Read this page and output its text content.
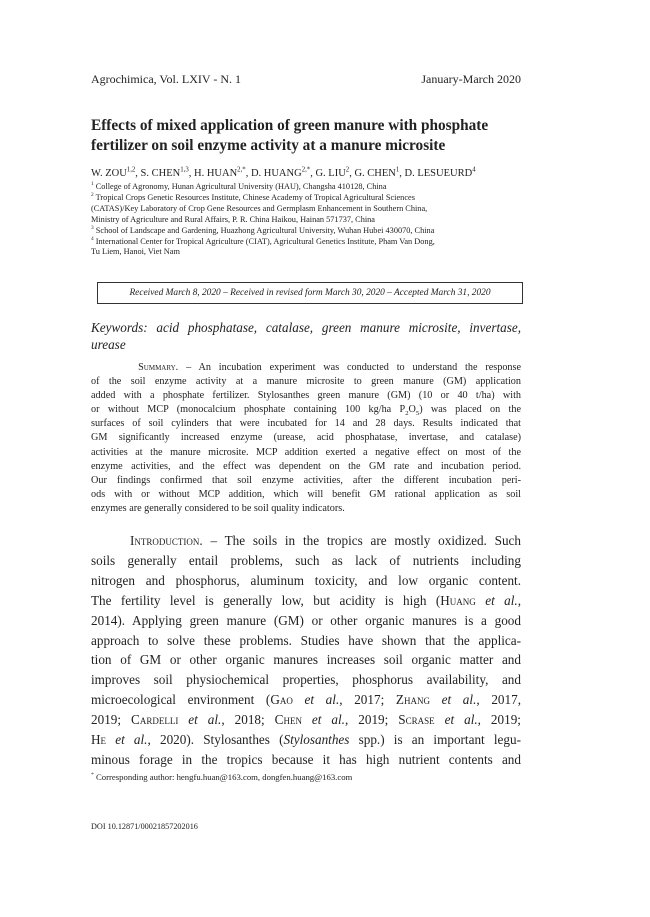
Agrochimica, Vol. LXIV - N. 1	January-March 2020
Effects of mixed application of green manure with phosphate
fertilizer on soil enzyme activity at a manure microsite
W. ZOU$^{1,2}$, S. CHEN$^{1,3}$, H. $HUAN^{2,*}$, D. $HUANG^{2,*}$, G. LIU$^2$, G. CHEN$^1$, D. LESUEURD$^4$
$^1$ College of Agronomy, Hunan Agricultural University (HAU), Changsha 410128, China
$^2$ Tropical Crops Genetic Resources Institute, Chinese Academy of Tropical Agricultural Sciences
(CATAS)/Key Laboratory of Crop Gene Resources and Germplasm Enhancement in Southern China,
Ministry of Agriculture and Rural Affairs, P. R. China Haikou, Hainan 571737, China
$^3$ School of Landscape and Gardening, Huazhong Agricultural University, Wuhan Hubei 430070, China
$^4$ International Center for Tropical Agriculture (CIAT), Agricultural Genetics Institute, Pham Van Dong,
Tu Liem, Hanoi, Viet Nam
Received March 8, 2020 – Received in revised form March 30, 2020 – Accepted March 31, 2020
Keywords: acid phosphatase, catalase, green manure microsite, invertase,
urease
Summary. – An incubation experiment was conducted to understand the response
of the soil enzyme activity at a manure microsite to green manure (GM) application
added with a phosphate fertilizer. Stylosanthes green manure (GM) (10 or 40 t/ha) with
or without MCP (monocalcium phosphate containing 100 kg/ha $P_2O_5$) was placed on the
surfaces of soil cylinders that were incubated for 14 and 28 days. Results indicated that
GM significantly increased enzyme (urease, acid phosphatase, invertase, and catalase)
activities at the manure microsite. MCP addition exerted a negative effect on most of the
enzyme activities, and the effect was dependent on the GM rate and incubation period.
Our findings confirmed that soil enzyme activities, after the different incubation peri-
ods with or without MCP addition, which will benefit GM rational application as soil
enzymes are generally considered to be soil quality indicators.
Introduction. – The soils in the tropics are mostly oxidized. Such
soils generally entail problems, such as lack of nutrients including
nitrogen and phosphorus, aluminum toxicity, and low organic content.
The fertility level is generally low, but acidity is high (Huang et al.,
2014). Applying green manure (GM) or other organic manures is a good
approach to solve these problems. Studies have shown that the applica-
tion of GM or other organic manures increases soil organic matter and
improves soil physiochemical properties, phosphorus availability, and
microecological environment (Gao et al., 2017; Zhang et al., 2017,
2019; Cardelli et al., 2018; Chen et al., 2019; Scrase et al., 2019;
He et al., 2020). Stylosanthes (Stylosanthes spp.) is an important legu-
minous forage in the tropics because it has high nutrient contents and
* Corresponding author: hengfu.huan@163.com, dongfen.huang@163.com
DOI 10.12871/00021857202016
